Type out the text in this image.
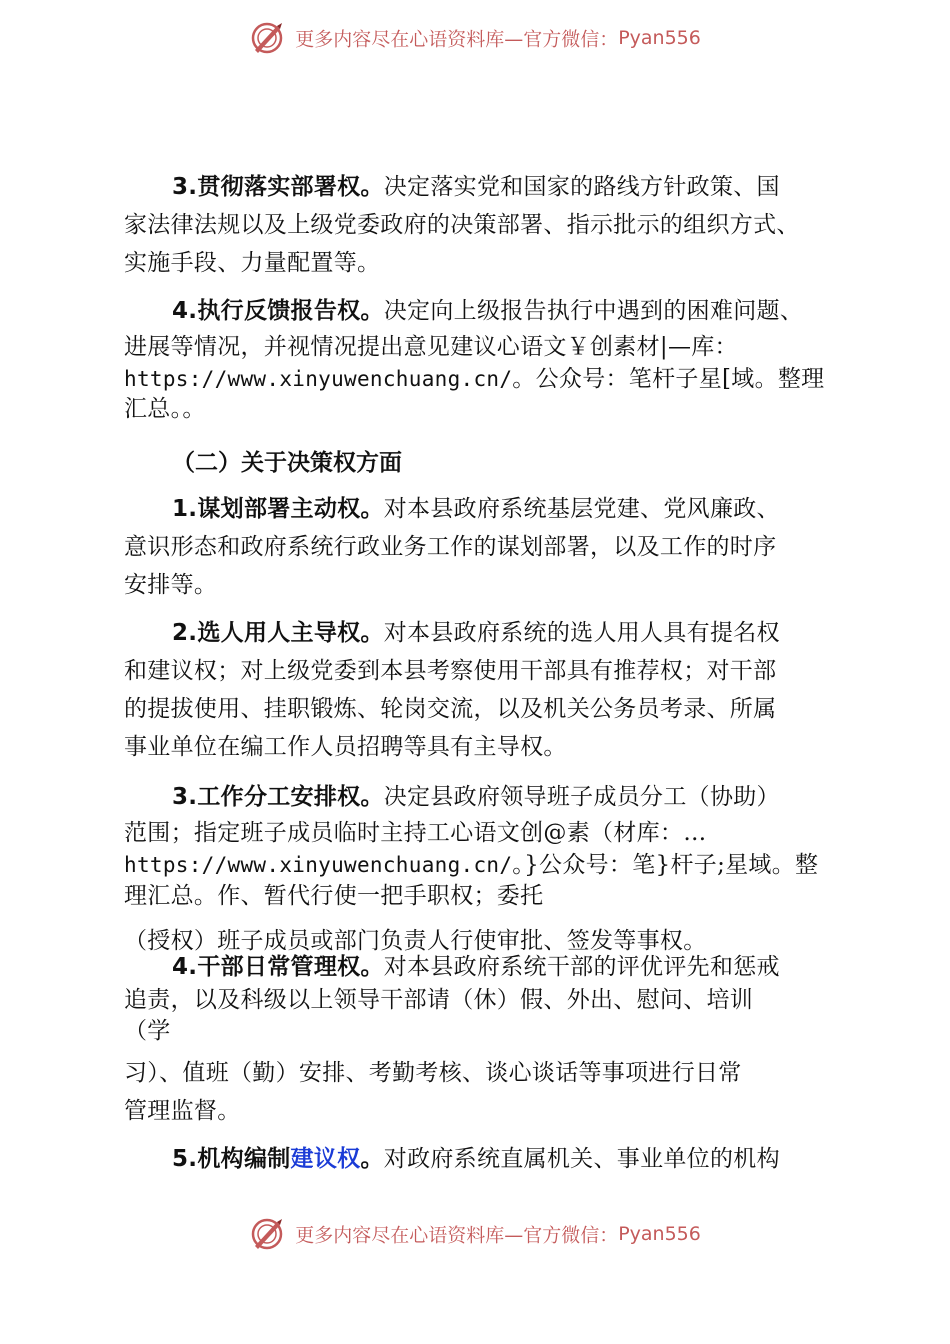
更多内容尽在心语资料库—官方微信：Pyan556
3.贯彻落实部署权。决定落实党和国家的路线方针政策、国
家法律法规以及上级党委政府的决策部署、指示批示的组织方式、
实施手段、力量配置等。
4.执行反馈报告权。决定向上级报告执行中遇到的困难问题、
进展等情况，并视情况提出意见建议心语文￥创素材|—库：
https://www.xinyuwenchuang.cn/。公众号：笔杆子星[域。整理
汇总。。
（二）关于决策权方面
1.谋划部署主动权。对本县政府系统基层党建、党风廉政、
意识形态和政府系统行政业务工作的谋划部署，以及工作的时序
安排等。
2.选人用人主导权。对本县政府系统的选人用人具有提名权
和建议权；对上级党委到本县考察使用干部具有推荐权；对干部
的提拔使用、挂职锻炼、轮岗交流，以及机关公务员考录、所属
事业单位在编工作人员招聘等具有主导权。
3.工作分工安排权。决定县政府领导班子成员分工（协助）
范围；指定班子成员临时主持工心语文创@素（材库：…
https://www.xinyuwenchuang.cn/。}公众号：笔}杆子;星域。整
理汇总。作、暂代行使一把手职权；委托
（授权）班子成员或部门负责人行使审批、签发等事权。
4.干部日常管理权。对本县政府系统干部的评优评先和惩戒
追责，以及科级以上领导干部请（休）假、外出、慰问、培训
（学
习）、值班（勤）安排、考勤考核、谈心谈话等事项进行日常
管理监督。
5.机构编制建议权。对政府系统直属机关、事业单位的机构
更多内容尽在心语资料库—官方微信：Pyan556
